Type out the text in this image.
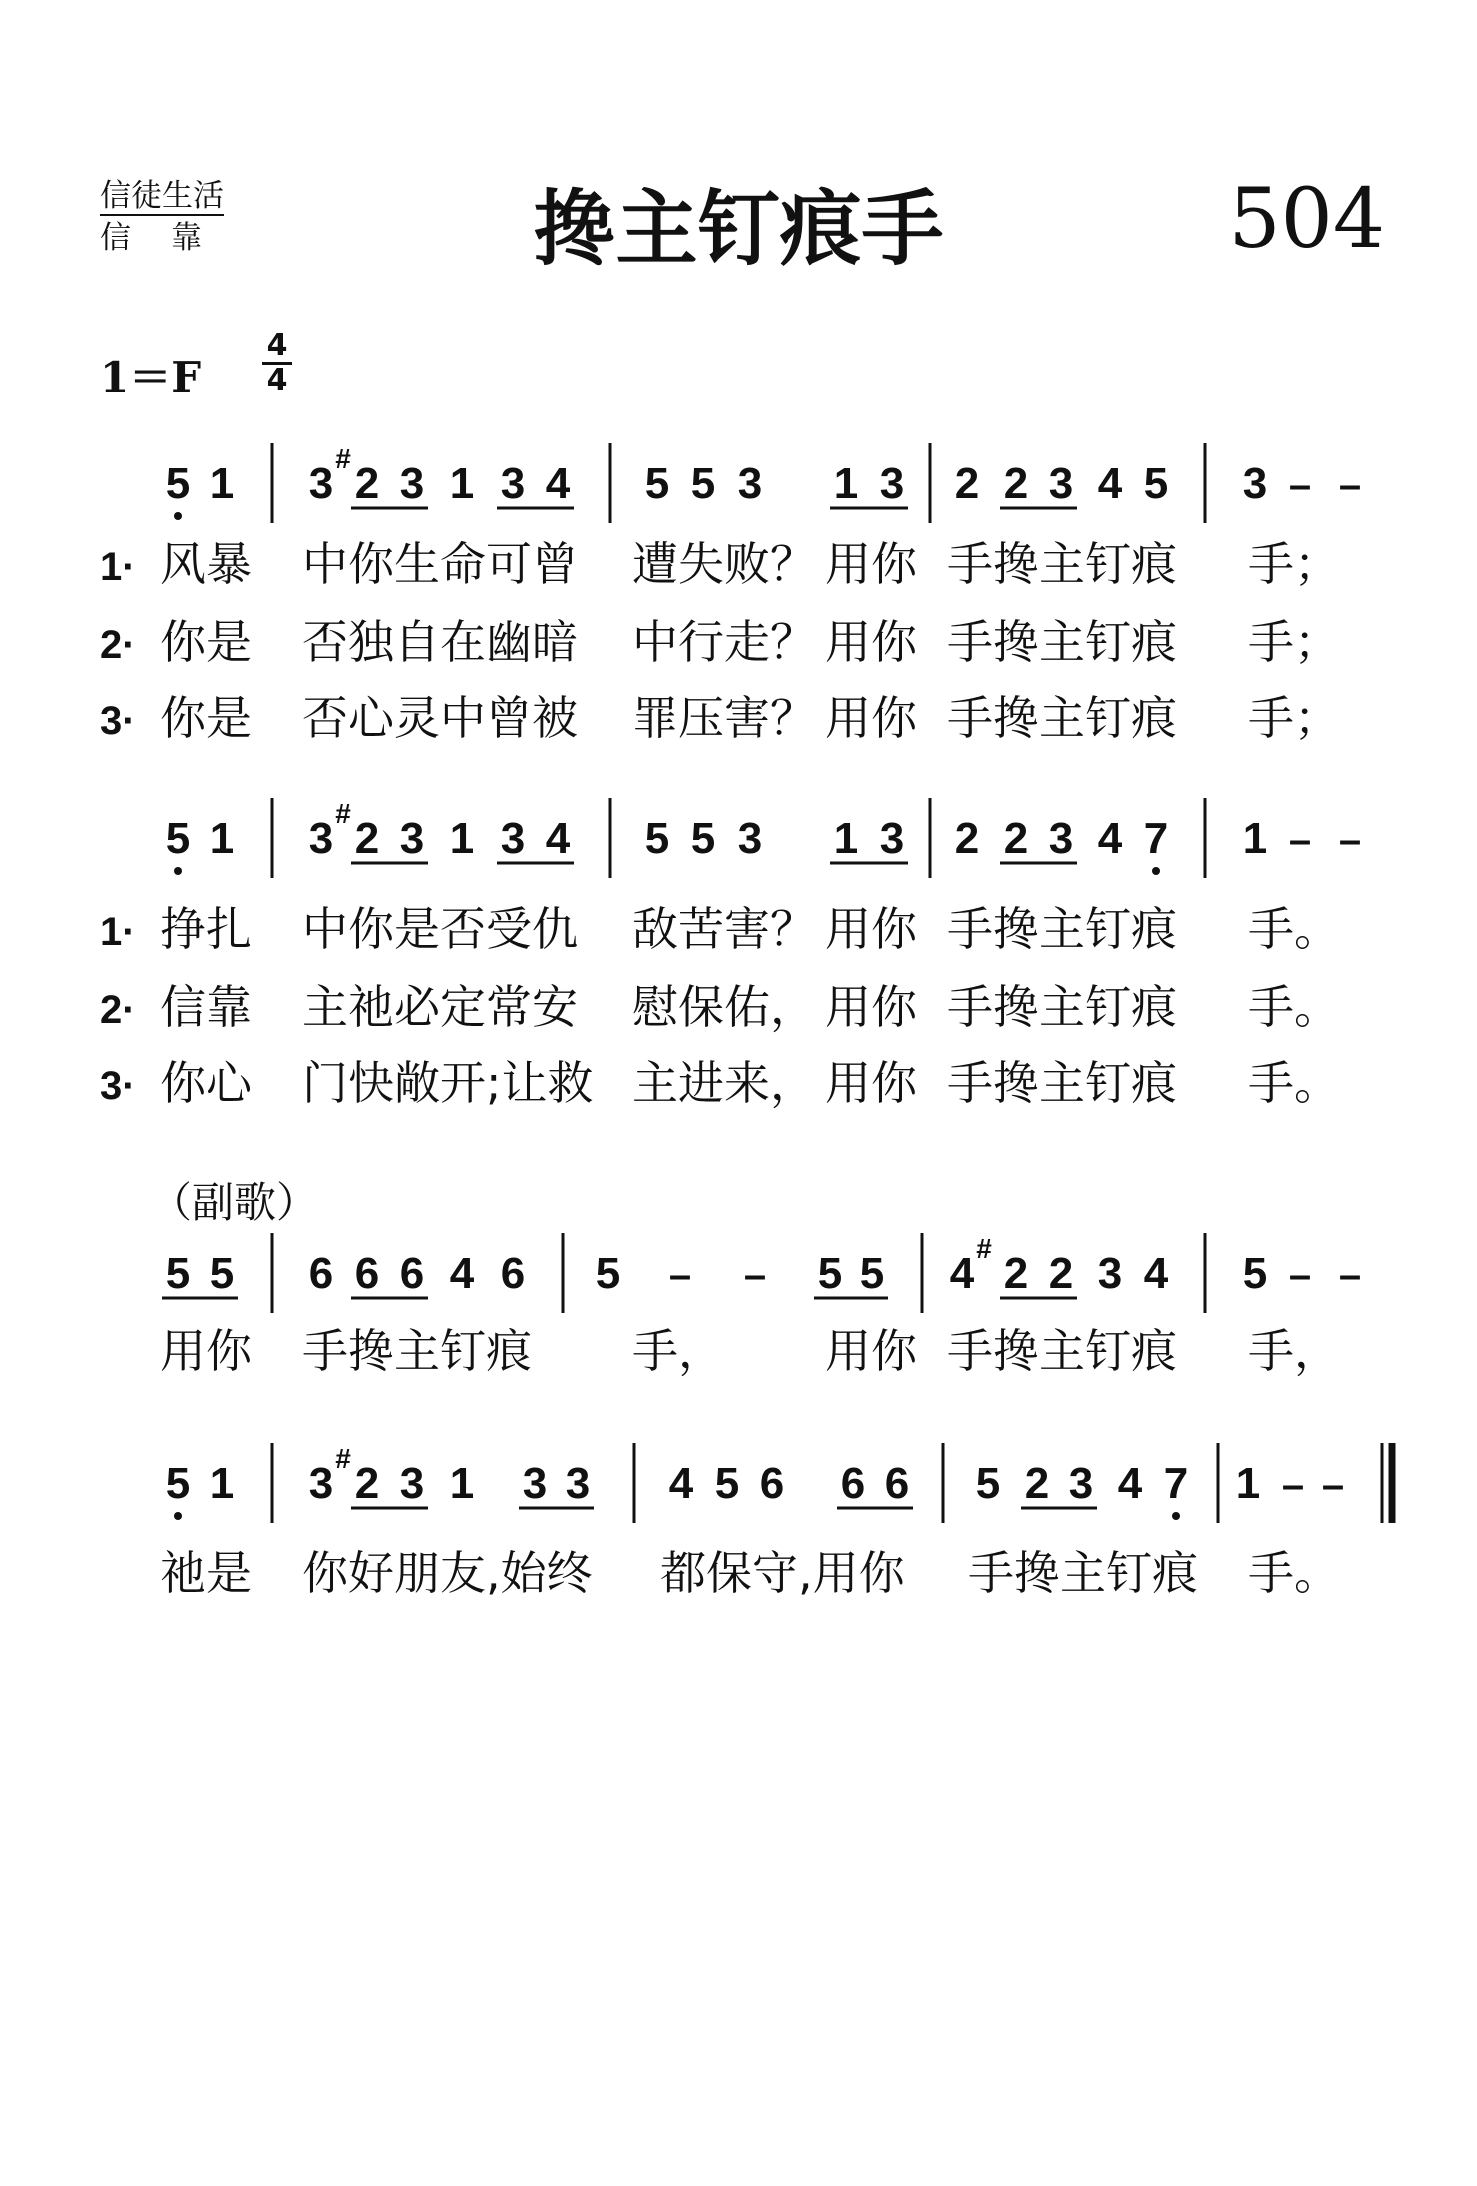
信徒生活
信靠	搀主钉痕手	504
1＝F
4
4
（副歌）
5 1 3
#
2 3 1 3 4 5 5 3 1 3 2 2 3 4 5 3 – –
1· 风暴 中你生命可曾 遭失败？ 用你 手搀主钉痕 手；
2· 你是 否独自在幽暗 中行走？ 用你 手搀主钉痕 手；
3· 你是 否心灵中曾被 罪压害？ 用你 手搀主钉痕 手；
5 1 3
#
2 3 1 3 4 5 5 3 1 3 2 2 3 4 7 1 – –
1· 挣扎 中你是否受仇 敌苦害？ 用你 手搀主钉痕 手。
2· 信靠 主祂必定常安 慰保佑， 用你 手搀主钉痕 手。
3· 你心 门快敞开;让救 主进来， 用你 手搀主钉痕 手。
5 5 6 6 6 4 6 5 – – 5 5 4
#
2 2 3 4 5 – –
用你 手搀主钉痕 手， 用你 手搀主钉痕 手，
5 1 3
#
2 3 1 3 3 4 5 6 6 6 5 2 3 4 7 1 – –
祂是 你好朋友,始终 都保守,用你 手搀主钉痕 手。
